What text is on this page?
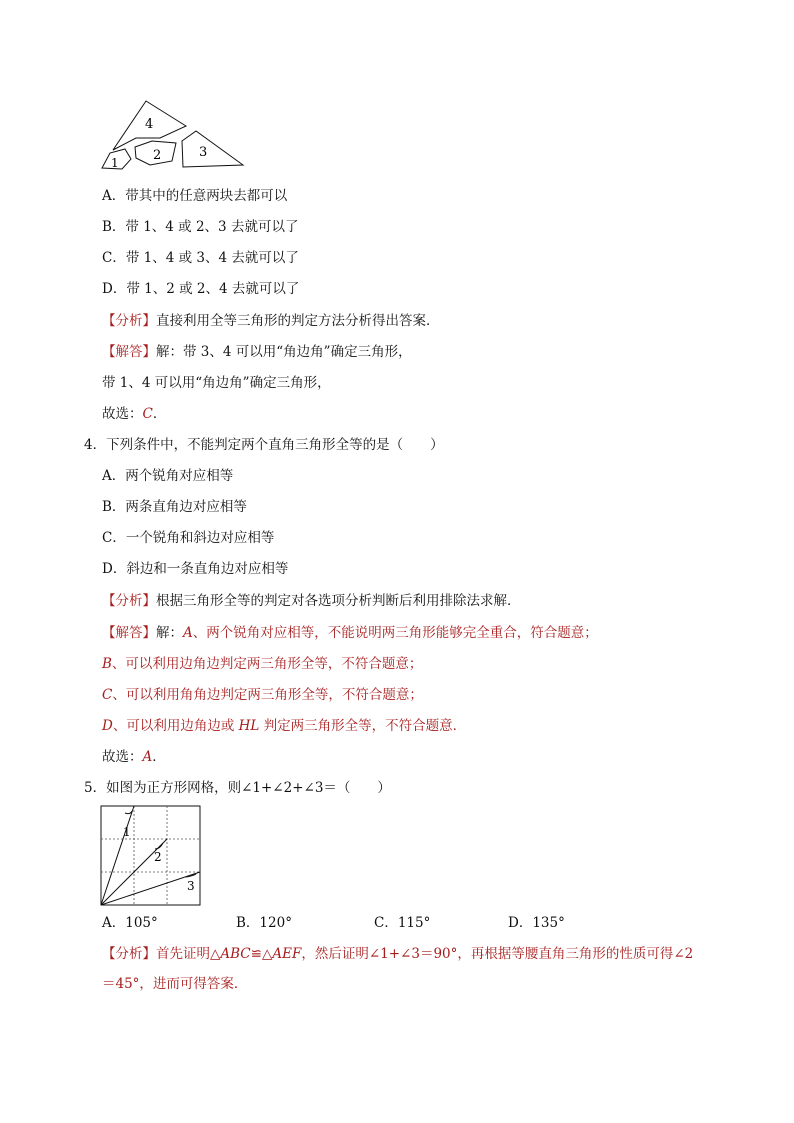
4
1	2	3
A．带其中的任意两块去都可以
B．带 1、4 或 2、3 去就可以了
C．带 1、4 或 3、4 去就可以了
D．带 1、2 或 2、4 去就可以了
【分析】直接利用全等三角形的判定方法分析得出答案．
【解答】解：带 3、4 可以用“角边角”确定三角形，
带 1、4 可以用“角边角”确定三角形，
故选：C．
4．下列条件中，不能判定两个直角三角形全等的是（　　）
A．两个锐角对应相等
B．两条直角边对应相等
C．一个锐角和斜边对应相等
D．斜边和一条直角边对应相等
【分析】根据三角形全等的判定对各选项分析判断后利用排除法求解．
【解答】解：A、两个锐角对应相等，不能说明两三角形能够完全重合，符合题意；
B、可以利用边角边判定两三角形全等，不符合题意；
C、可以利用角角边判定两三角形全等，不符合题意；
D、可以利用边角边或 HL 判定两三角形全等，不符合题意．
故选：A．
5．如图为正方形网格，则∠1+∠2+∠3＝（　　）
1
2
3
A．105°	B．120°	C．115°	D．135°
【分析】首先证明△ABC≌△AEF，然后证明∠1+∠3＝90°，再根据等腰直角三角形的性质可得∠2
＝45°，进而可得答案．
